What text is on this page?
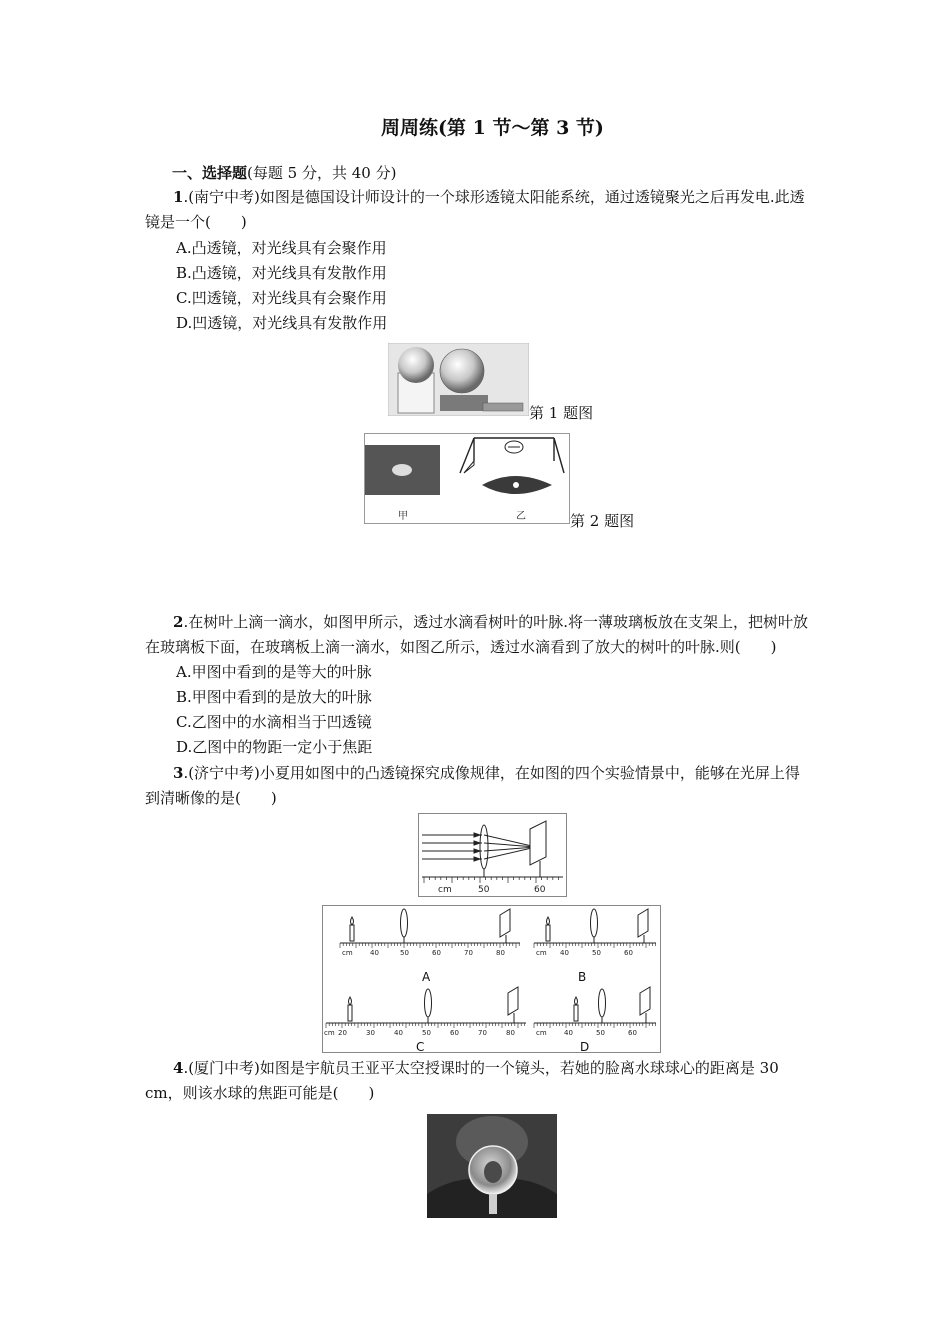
周周练(第 1 节～第 3 节)
一、选择题(每题 5 分，共 40 分)
1.(南宁中考)如图是德国设计师设计的一个球形透镜太阳能系统，通过透镜聚光之后再发电.此透镜是一个(　　)
A.凸透镜，对光线具有会聚作用
B.凸透镜，对光线具有发散作用
C.凹透镜，对光线具有会聚作用
D.凹透镜，对光线具有发散作用
第 1 题图
甲	乙	第 2 题图
2.在树叶上滴一滴水，如图甲所示，透过水滴看树叶的叶脉.将一薄玻璃板放在支架上，把树叶放在玻璃板下面，在玻璃板上滴一滴水，如图乙所示，透过水滴看到了放大的树叶的叶脉.则(　　)
A.甲图中看到的是等大的叶脉
B.甲图中看到的是放大的叶脉
C.乙图中的水滴相当于凹透镜
D.乙图中的物距一定小于焦距
3.(济宁中考)小夏用如图中的凸透镜探究成像规律，在如图的四个实验情景中，能够在光屏上得到清晰像的是(　　)
cm	50	60
cm 40	50	60	70	80
A
cm 40	50	60
B
cm 20	30	40	50	60	70	80
C
cm 40	50	60
D
4.(厦门中考)如图是宇航员王亚平太空授课时的一个镜头，若她的脸离水球球心的距离是 30 cm，则该水球的焦距可能是(　　)
